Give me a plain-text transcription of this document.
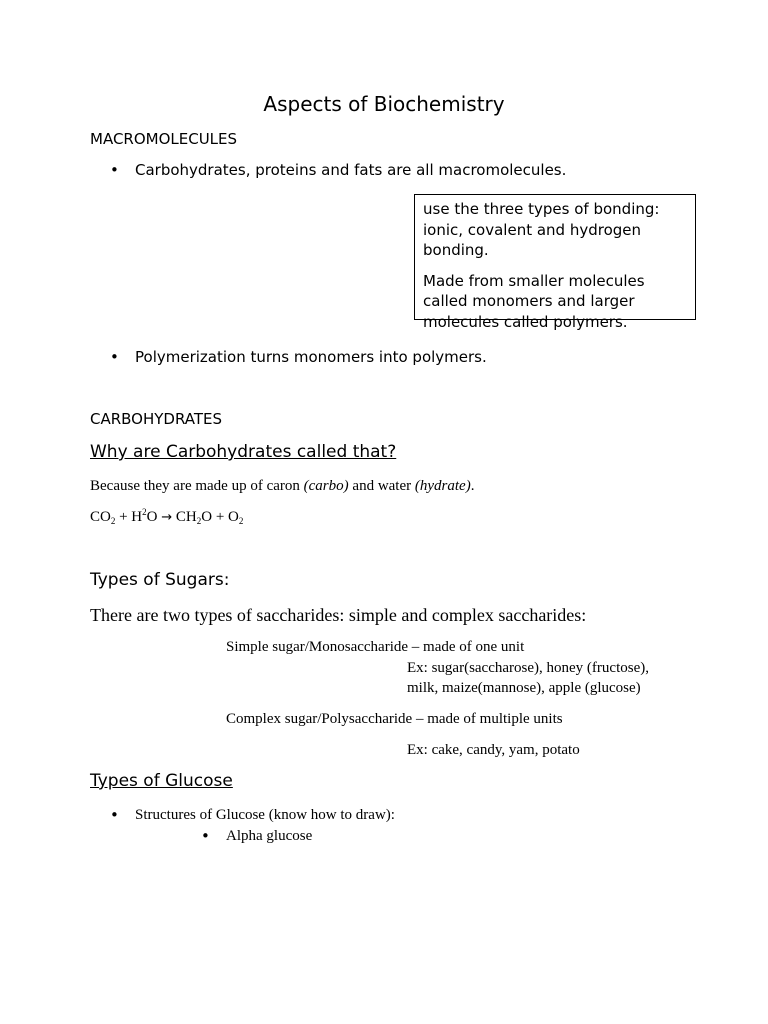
Aspects of Biochemistry
MACROMOLECULES
• Carbohydrates, proteins and fats are all macromolecules.

use the three types of bonding: ionic, covalent and hydrogen bonding.

Made from smaller molecules called monomers and larger molecules called polymers.

• Polymerization turns monomers into polymers.
CARBOHYDRATES
Why are Carbohydrates called that?
Because they are made up of caron (carbo) and water (hydrate).
$CO_2 + H^2O \to CH_2O + O_2$
Types of Sugars:
There are two types of saccharides: simple and complex saccharides:
Simple sugar/Monosaccharide – made of one unit
Ex: sugar(saccharose), honey (fructose),
milk, maize(mannose), apple (glucose)
Complex sugar/Polysaccharide – made of multiple units
Ex: cake, candy, yam, potato
Types of Glucose
• Structures of Glucose (know how to draw):
• Alpha glucose
